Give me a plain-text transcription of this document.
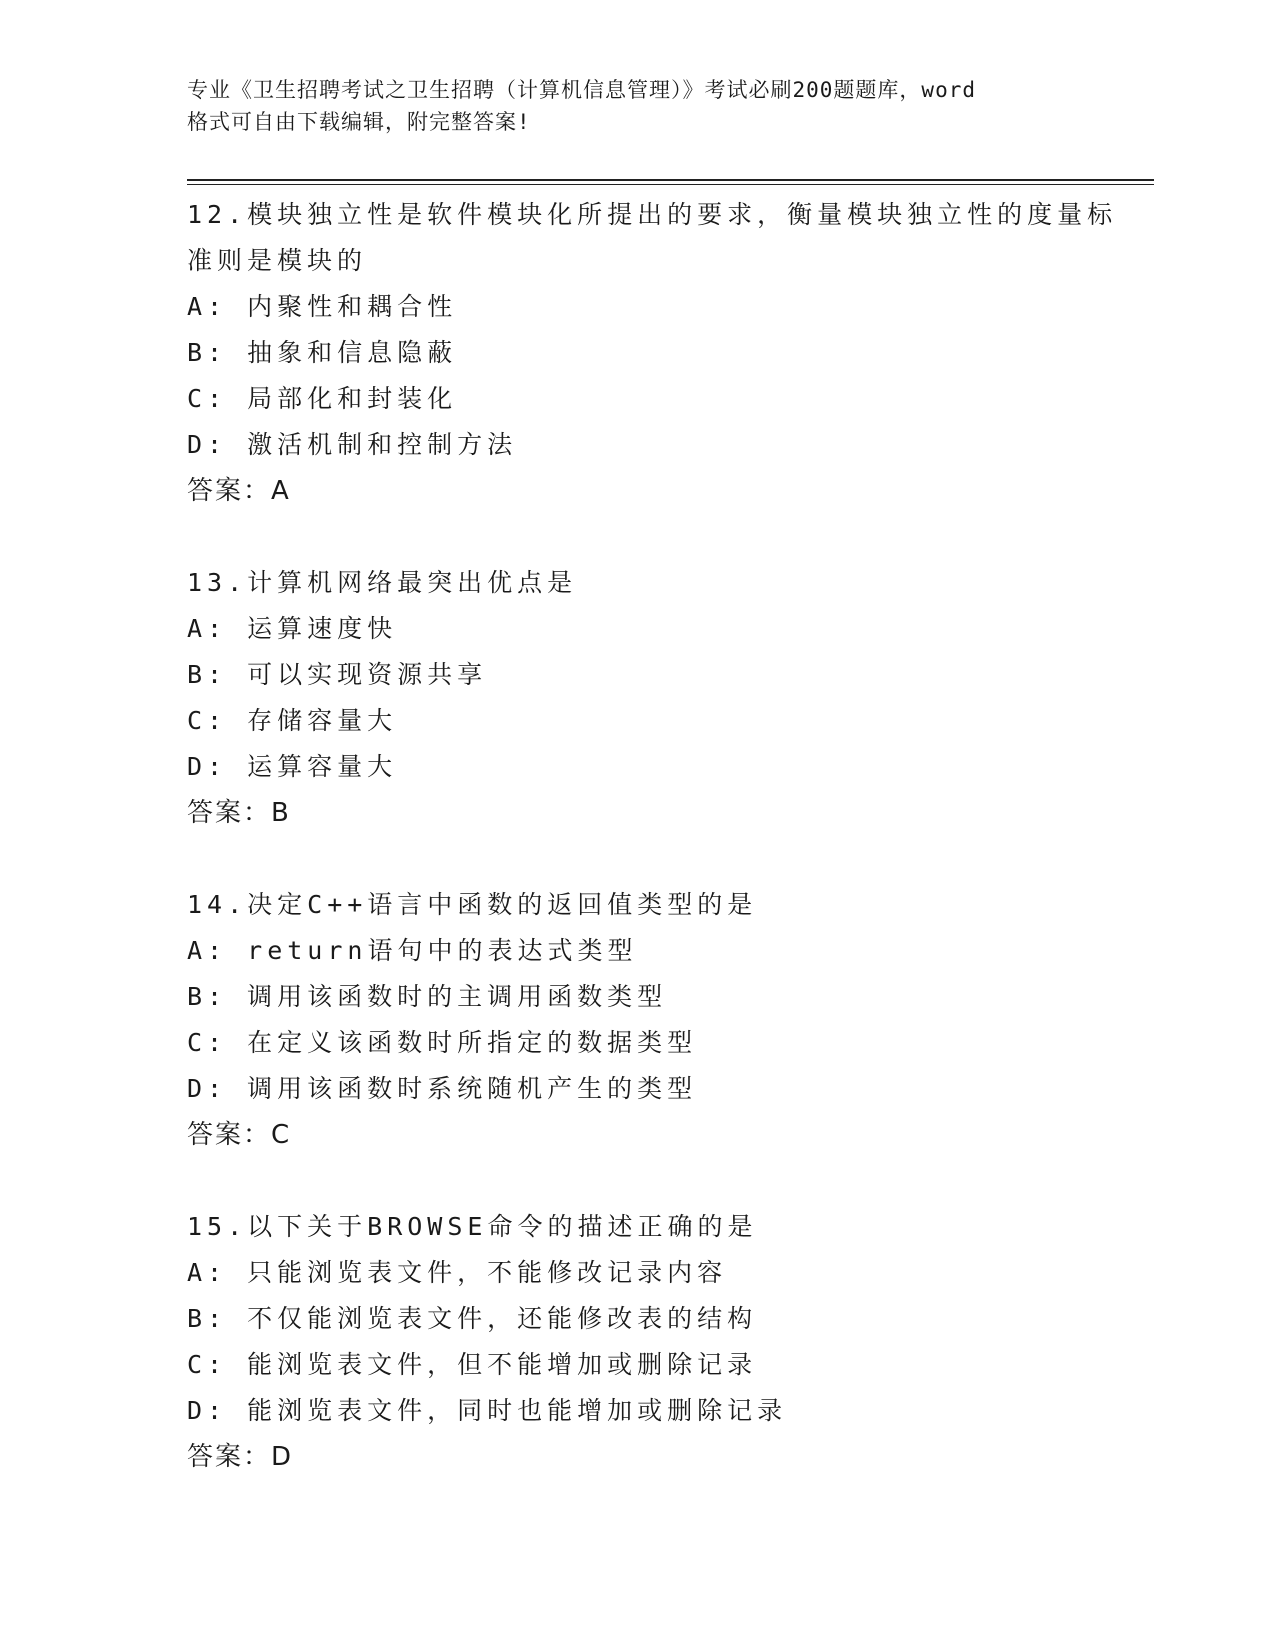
专业《卫生招聘考试之卫生招聘（计算机信息管理）》考试必刷200题题库，word
格式可自由下载编辑，附完整答案!
12.模块独立性是软件模块化所提出的要求，衡量模块独立性的度量标
准则是模块的
A: 内聚性和耦合性
B: 抽象和信息隐蔽
C: 局部化和封装化
D: 激活机制和控制方法
答案：A
13.计算机网络最突出优点是
A: 运算速度快
B: 可以实现资源共享
C: 存储容量大
D: 运算容量大
答案：B
14.决定C++语言中函数的返回值类型的是
A: return语句中的表达式类型
B: 调用该函数时的主调用函数类型
C: 在定义该函数时所指定的数据类型
D: 调用该函数时系统随机产生的类型
答案：C
15.以下关于BROWSE命令的描述正确的是
A: 只能浏览表文件，不能修改记录内容
B: 不仅能浏览表文件，还能修改表的结构
C: 能浏览表文件，但不能增加或删除记录
D: 能浏览表文件，同时也能增加或删除记录
答案：D
